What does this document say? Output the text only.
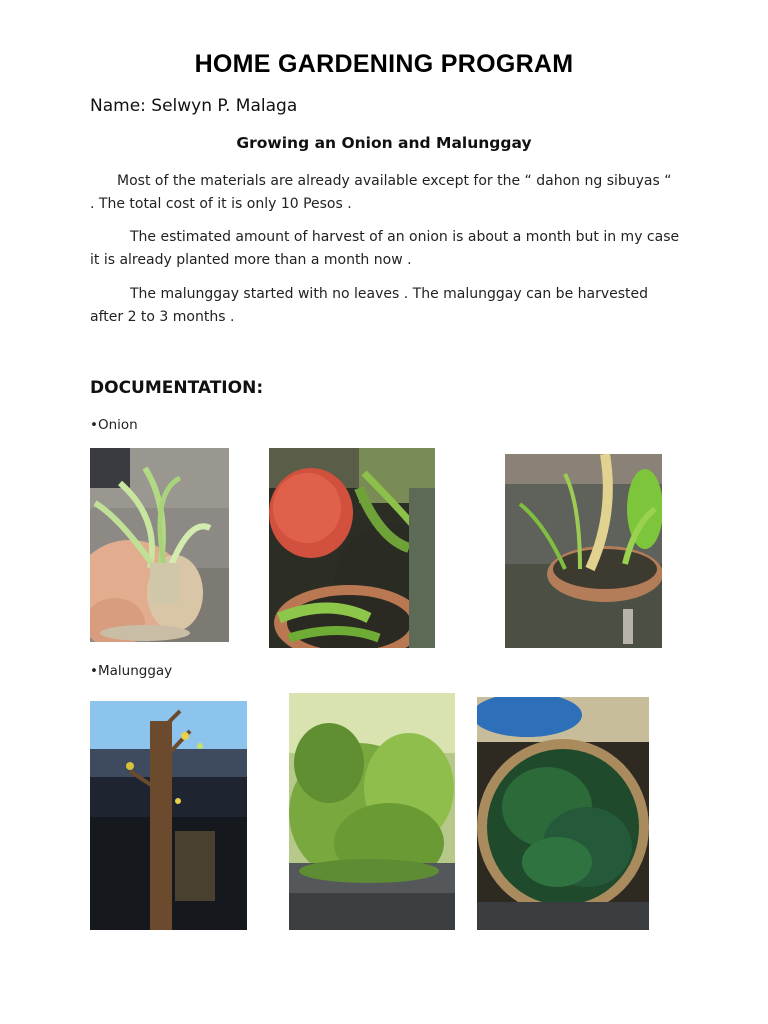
HOME GARDENING PROGRAM
Name: Selwyn P. Malaga
Growing an Onion and Malunggay
Most of the materials are already available except for the “ dahon ng sibuyas “ . The total cost of it is only 10 Pesos .
The estimated amount of harvest of an onion is about a month but in my case it is already planted more than a month now .
The malunggay started with no leaves . The malunggay can be harvested after 2 to 3 months .
DOCUMENTATION:
•Onion
•Malunggay
